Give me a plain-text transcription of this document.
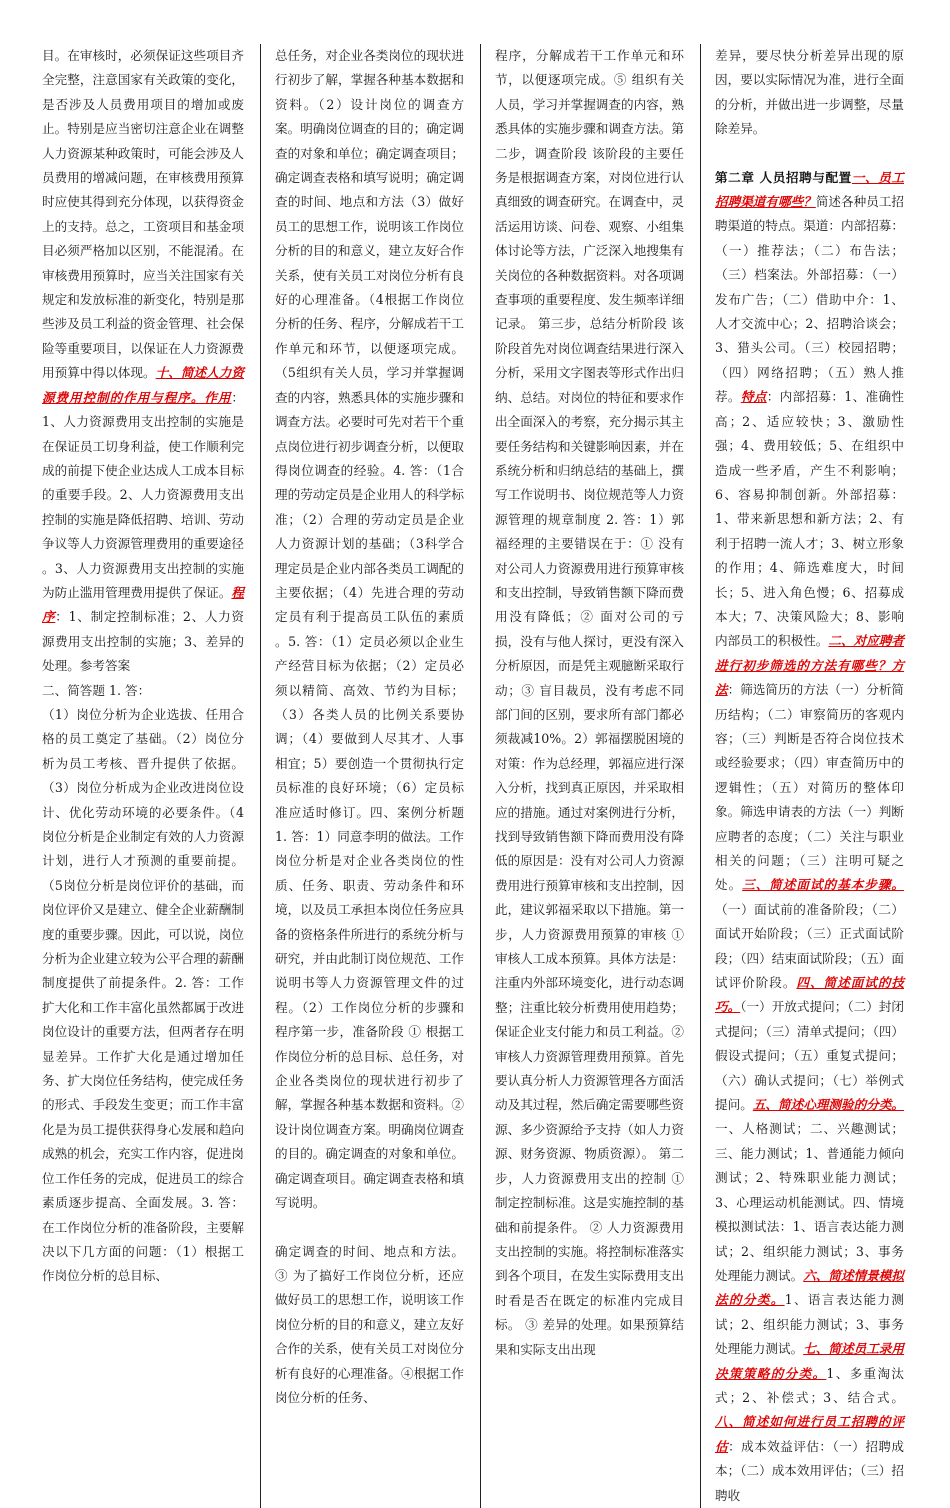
目。在审核时，必须保证这些项目齐全完整，注意国家有关政策的变化，是否涉及人员费用项目的增加或废止。特别是应当密切注意企业在调整人力资源某种政策时，可能会涉及人员费用的增减问题，在审核费用预算时应使其得到充分体现，以获得资金上的支持。总之，工资项目和基金项目必须严格加以区别，不能混淆。在审核费用预算时，应当关注国家有关规定和发放标准的新变化，特别是那些涉及员工利益的资金管理、社会保险等重要项目，以保证在人力资源费用预算中得以体现。十、简述人力资源费用控制的作用与程序。作用：1、人力资源费用支出控制的实施是在保证员工切身利益，使工作顺利完成的前提下使企业达成人工成本目标的重要手段。2、人力资源费用支出控制的实施是降低招聘、培训、劳动争议等人力资源管理费用的重要途径 。3、人力资源费用支出控制的实施为防止滥用管理费用提供了保证。程序：1、制定控制标准；2、人力资源费用支出控制的实施；3、差异的处理。参考答案

二、简答题 1. 答：

（1）岗位分析为企业选拔、任用合格的员工奠定了基础。（2）岗位分析为员工考核、晋升提供了依据。（3）岗位分析成为企业改进岗位设计、优化劳动环境的必要条件。（4岗位分析是企业制定有效的人力资源计划，进行人才预测的重要前提。（5岗位分析是岗位评价的基础，而岗位评价又是建立、健全企业薪酬制度的重要步骤。因此，可以说，岗位分析为企业建立较为公平合理的薪酬制度提供了前提条件。2. 答：工作扩大化和工作丰富化虽然都属于改进岗位设计的重要方法，但两者存在明显差异。工作扩大化是通过增加任务、扩大岗位任务结构，使完成任务的形式、手段发生变更；而工作丰富化是为员工提供获得身心发展和趋向成熟的机会，充实工作内容，促进岗位工作任务的完成，促进员工的综合素质逐步提高、全面发展。3. 答：在工作岗位分析的准备阶段，主要解决以下几方面的问题：（1）根据工作岗位分析的总目标、

总任务，对企业各类岗位的现状进行初步了解，掌握各种基本数据和资料。（2）设计岗位的调查方案。明确岗位调查的目的；确定调查的对象和单位；确定调查项目；确定调查表格和填写说明；确定调查的时间、地点和方法（3）做好员工的思想工作，说明该工作岗位分析的目的和意义，建立友好合作关系，使有关员工对岗位分析有良好的心理准备。（4根据工作岗位分析的任务、程序，分解成若干工作单元和环节，以便逐项完成。（5组织有关人员，学习并掌握调查的内容，熟悉具体的实施步骤和调查方法。必要时可先对若干个重点岗位进行初步调查分析，以便取得岗位调查的经验。4. 答：（1合理的劳动定员是企业用人的科学标准；（2）合理的劳动定员是企业人力资源计划的基础；（3科学合理定员是企业内部各类员工调配的主要依据；（4）先进合理的劳动定员有利于提高员工队伍的素质 。5. 答：（1）定员必须以企业生产经营目标为依据；（2）定员必须以精简、高效、节约为目标；（3）各类人员的比例关系要协调；（4）要做到人尽其才、人事相宜；5）要创造一个贯彻执行定员标准的良好环境；（6）定员标准应适时修订。四、案例分析题 1. 答：1）同意李明的做法。工作岗位分析是对企业各类岗位的性质、任务、职责、劳动条件和环境，以及员工承担本岗位任务应具备的资格条件所进行的系统分析与研究，并由此制订岗位规范、工作说明书等人力资源管理文件的过程。（2）工作岗位分析的步骤和程序第一步，准备阶段 ① 根据工作岗位分析的总目标、总任务，对企业各类岗位的现状进行初步了解，掌握各种基本数据和资料。② 设计岗位调查方案。明确岗位调查的目的。确定调查的对象和单位。确定调查项目。确定调查表格和填写说明。

确定调查的时间、地点和方法。 ③ 为了搞好工作岗位分析，还应做好员工的思想工作，说明该工作岗位分析的目的和意义，建立友好合作的关系，使有关员工对岗位分析有良好的心理准备。④根据工作岗位分析的任务、

程序，分解成若干工作单元和环节，以便逐项完成。⑤ 组织有关人员，学习并掌握调查的内容，熟悉具体的实施步骤和调查方法。第二步，调查阶段 该阶段的主要任务是根据调查方案，对岗位进行认真细致的调查研究。在调查中，灵活运用访谈、问卷、观察、小组集体讨论等方法，广泛深入地搜集有关岗位的各种数据资料。对各项调查事项的重要程度、发生频率详细记录。 第三步，总结分析阶段 该阶段首先对岗位调查结果进行深入分析，采用文字图表等形式作出归纳、总结。对岗位的特征和要求作出全面深入的考察，充分揭示其主要任务结构和关键影响因素，并在系统分析和归纳总结的基础上，撰写工作说明书、岗位规范等人力资源管理的规章制度 2. 答：1）郭福经理的主要错误在于：① 没有对公司人力资源费用进行预算审核和支出控制，导致销售额下降而费用没有降低；② 面对公司的亏损，没有与他人探讨，更没有深入分析原因，而是凭主观臆断采取行动；③ 盲目裁员，没有考虑不同部门间的区别，要求所有部门都必须裁减10%。2）郭福摆脱困境的对策：作为总经理，郭福应进行深入分析，找到真正原因，并采取相应的措施。通过对案例进行分析，找到导致销售额下降而费用没有降低的原因是：没有对公司人力资源费用进行预算审核和支出控制，因此，建议郭福采取以下措施。第一步，人力资源费用预算的审核 ① 审核人工成本预算。具体方法是：注重内外部环境变化，进行动态调整；注重比较分析费用使用趋势；保证企业支付能力和员工利益。②审核人力资源管理费用预算。首先要认真分析人力资源管理各方面活动及其过程，然后确定需要哪些资源、多少资源给予支持（如人力资源、财务资源、物质资源）。 第二步，人力资源费用支出的控制 ① 制定控制标准。这是实施控制的基础和前提条件。 ② 人力资源费用支出控制的实施。将控制标准落实到各个项目，在发生实际费用支出时看是否在既定的标准内完成目标。 ③ 差异的处理。如果预算结果和实际支出出现

差异，要尽快分析差异出现的原因，要以实际情况为准，进行全面的分析，并做出进一步调整，尽量除差异。

第二章 人员招聘与配置一、员工招聘渠道有哪些？简述各种员工招聘渠道的特点。渠道：内部招募：（一）推荐法；（二）布告法；（三）档案法。外部招募：（一）发布广告；（二）借助中介：1、人才交流中心；2、招聘洽谈会；3、猎头公司。（三）校园招聘；（四）网络招聘；（五）熟人推荐。特点：内部招募：1、准确性高；2、适应较快；3、激励性强；4、费用较低；5、在组织中造成一些矛盾，产生不利影响；6、容易抑制创新。外部招募：1、带来新思想和新方法；2、有利于招聘一流人才；3、树立形象的作用；4、筛选难度大，时间长；5、进入角色慢；6、招募成本大；7、决策风险大；8、影响内部员工的积极性。二、对应聘者进行初步筛选的方法有哪些？方法：筛选简历的方法（一）分析简历结构；（二）审察简历的客观内容；（三）判断是否符合岗位技术或经验要求；（四）审查简历中的逻辑性；（五）对简历的整体印象。筛选申请表的方法（一）判断应聘者的态度；（二）关注与职业相关的问题；（三）注明可疑之处。三、简述面试的基本步骤。（一）面试前的准备阶段；（二）面试开始阶段；（三）正式面试阶段；（四）结束面试阶段；（五）面试评价阶段。四、简述面试的技巧。（一）开放式提问；（二）封闭式提问；（三）清单式提问；（四）假设式提问；（五）重复式提问；（六）确认式提问；（七）举例式提问。五、简述心理测验的分类。一、人格测试；二、兴趣测试；三、能力测试；1、普通能力倾向测试；2、特殊职业能力测试；3、心理运动机能测试。四、情境模拟测试法：1、语言表达能力测试；2、组织能力测试；3、事务处理能力测试。六、简述情景模拟法的分类。1、语言表达能力测试；2、组织能力测试；3、事务处理能力测试。七、简述员工录用决策策略的分类。1、多重淘汰式；2、补偿式；3、结合式。八、简述如何进行员工招聘的评估：成本效益评估：（一）招聘成本；（二）成本效用评估；（三）招聘收
